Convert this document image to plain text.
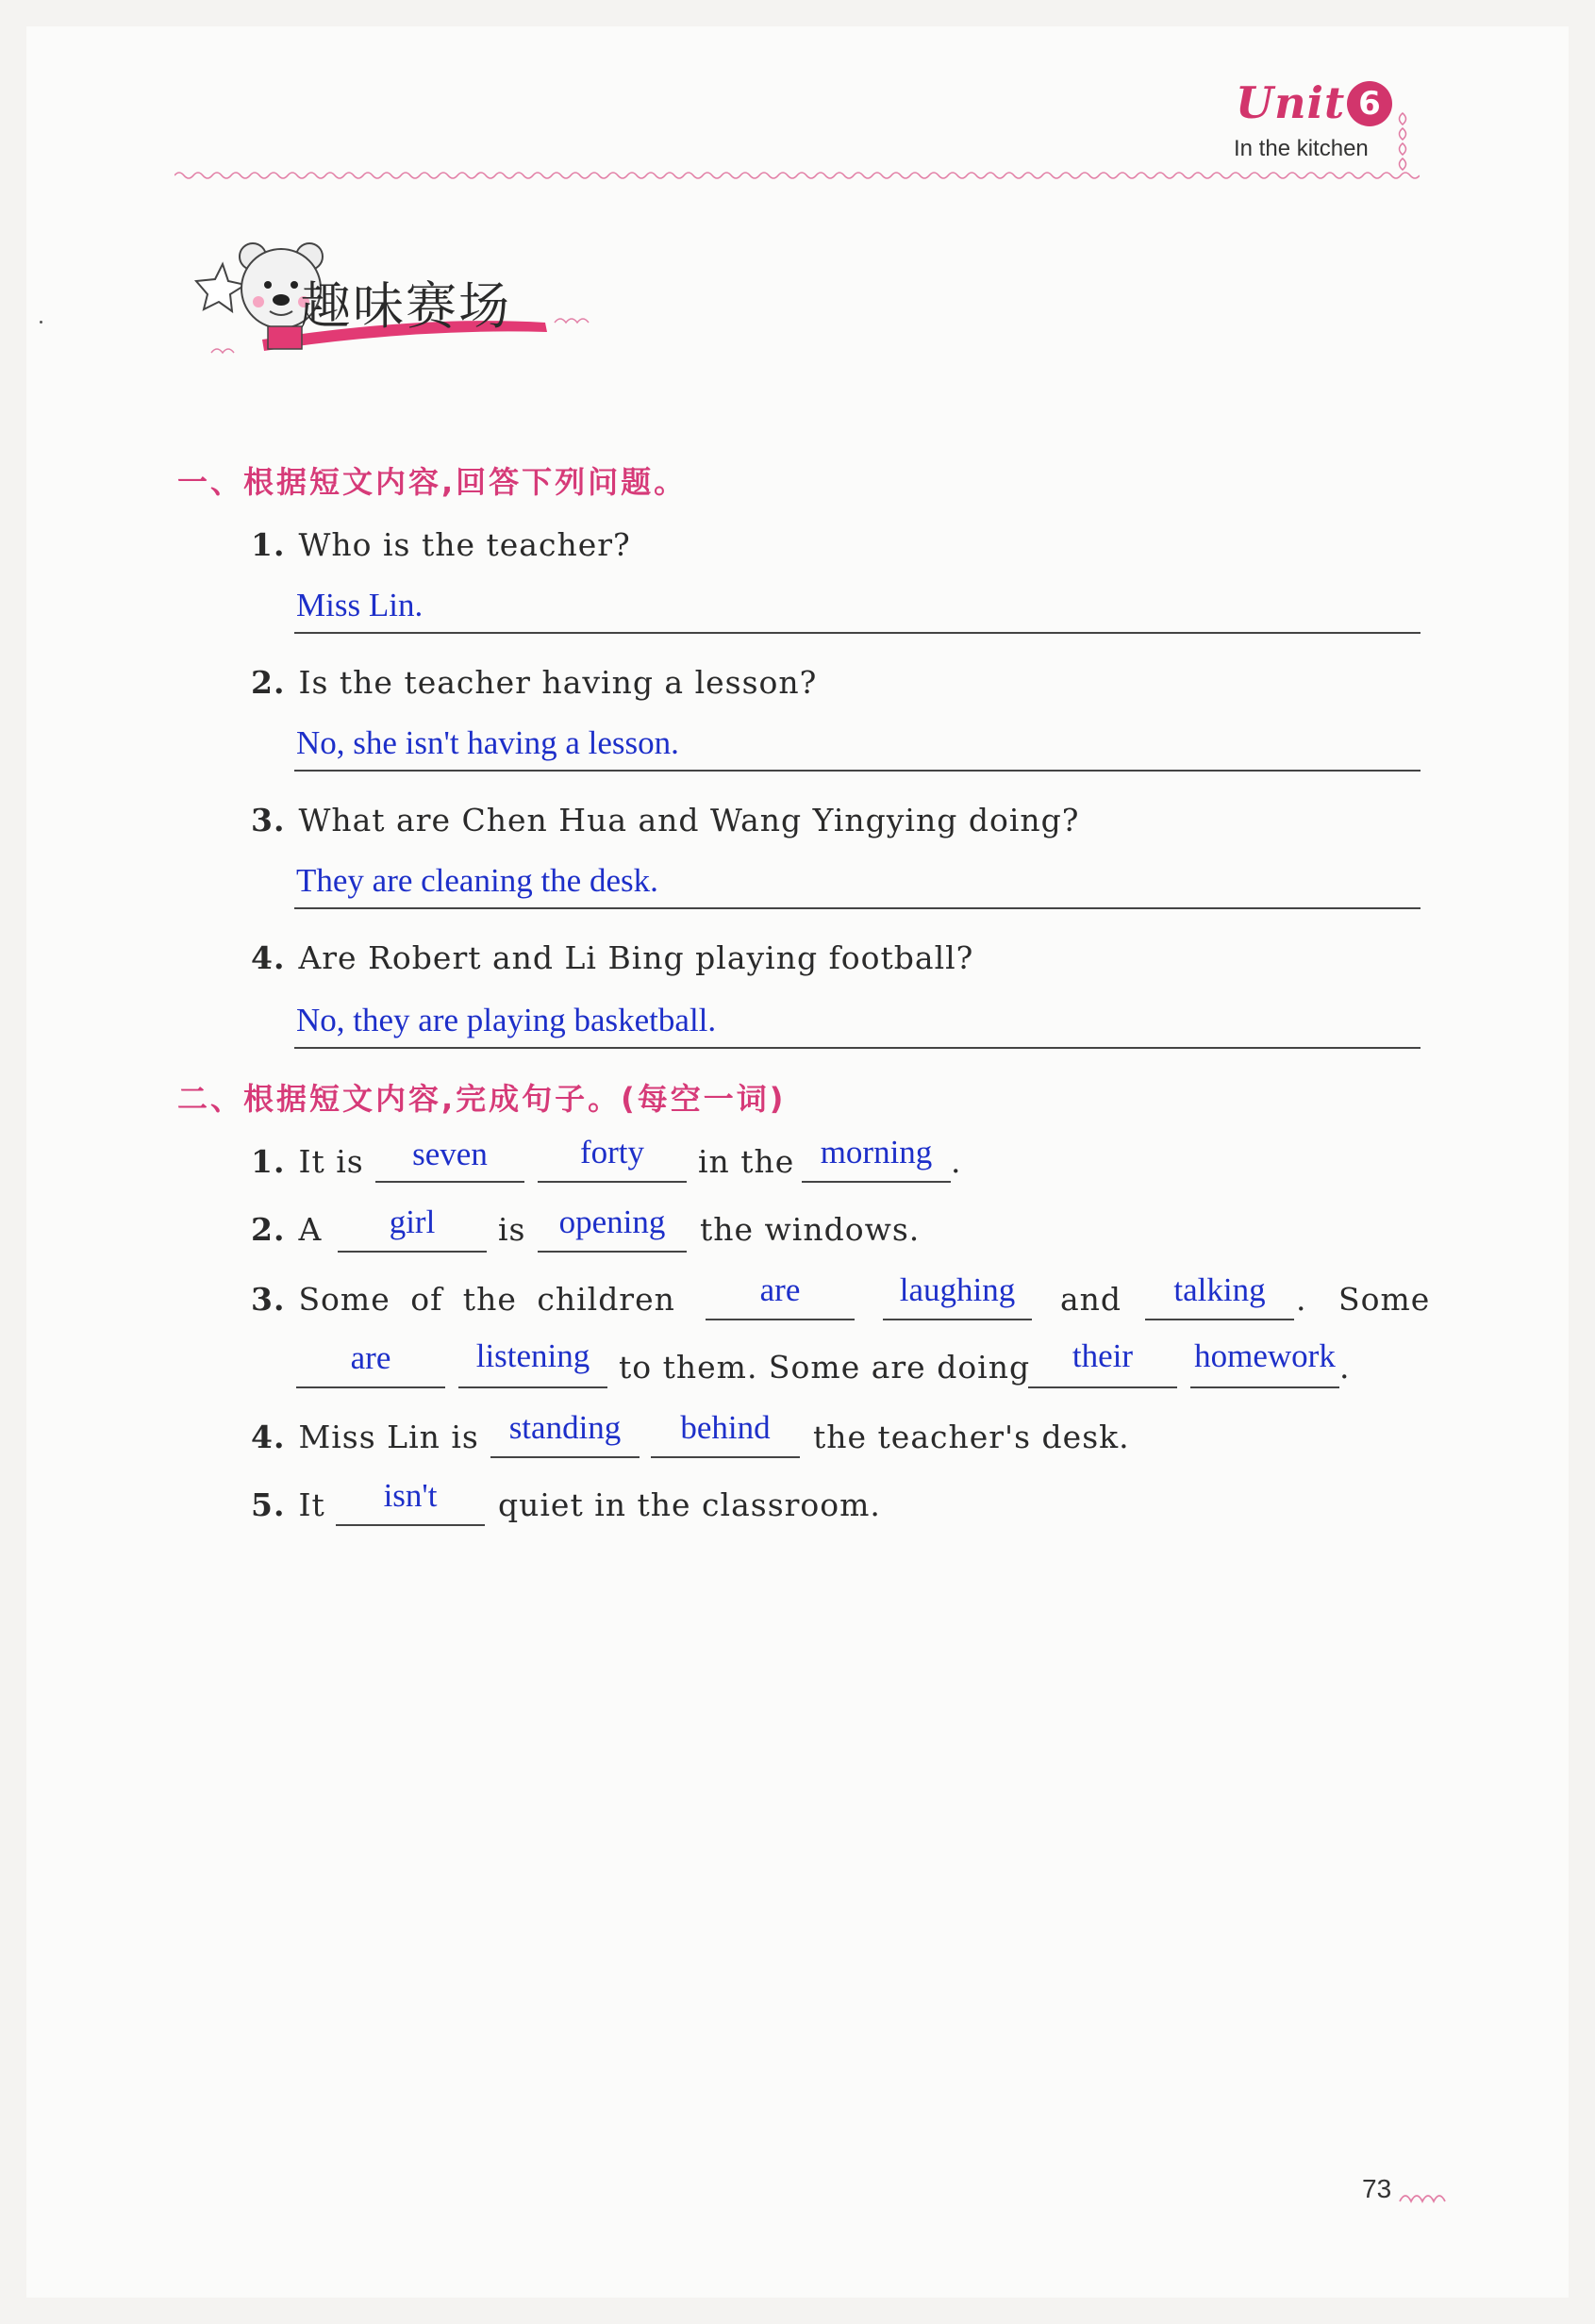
Unit 6
In the kitchen
趣味赛场
一、根据短文内容,回答下列问题。
1. Who is the teacher?
Miss Lin.
2. Is the teacher having a lesson?
No, she isn't having a lesson.
3. What are Chen Hua and Wang Yingying doing?
They are cleaning the desk.
4. Are Robert and Li Bing playing football?
No, they are playing basketball.
二、根据短文内容,完成句子。(每空一词)
1. It is	seven	forty	in the morning .
2. A	girl	is	opening	the windows.
3. Some of the children	are	laughing	and	talking . Some
are	listening to them. Some are doing	their	homework .
4. Miss Lin is standing	behind	the teacher's desk.
5. It	isn't	quiet in the classroom.
73
